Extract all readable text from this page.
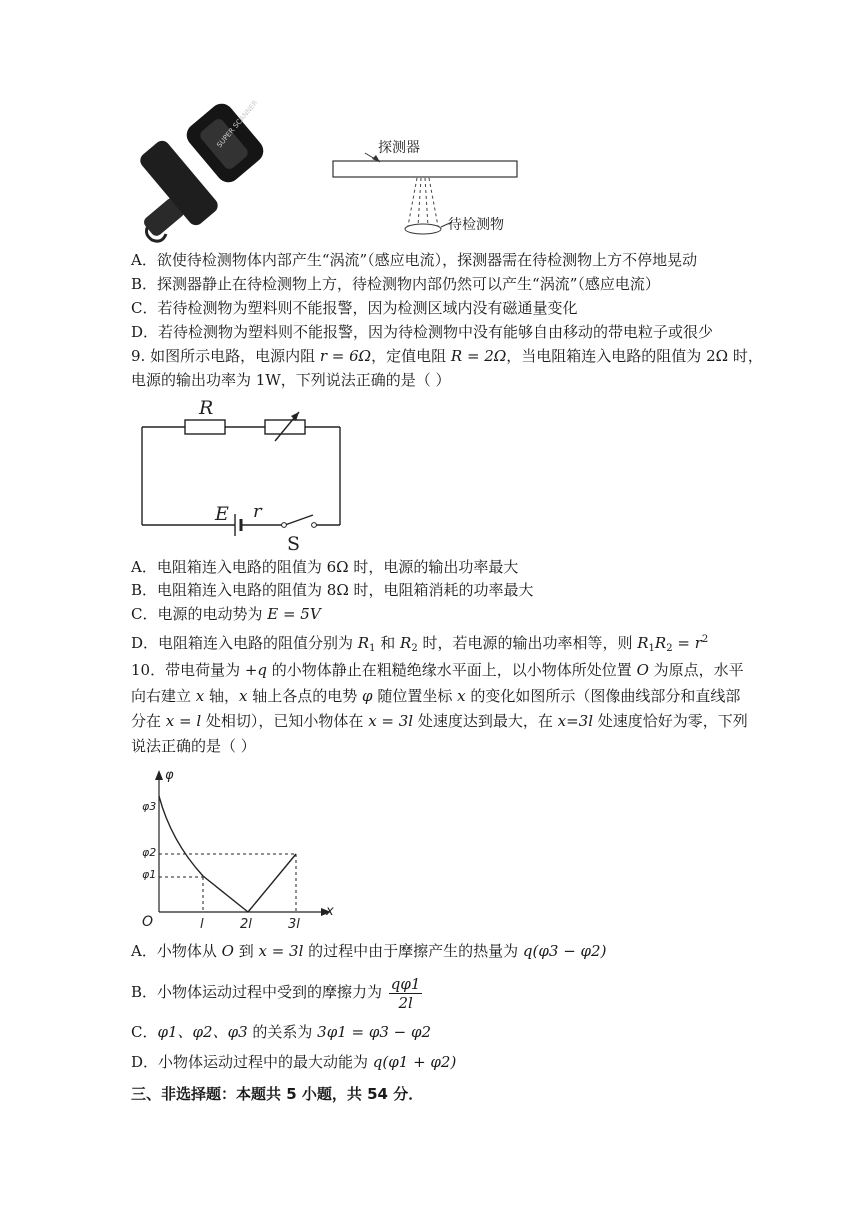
SUPER SCANNER	探测器
待检测物
A．欲使待检测物体内部产生“涡流”（感应电流），探测器需在待检测物上方不停地晃动
B．探测器静止在待检测物上方，待检测物内部仍然可以产生“涡流”（感应电流）
C．若待检测物为塑料则不能报警，因为检测区域内没有磁通量变化
D．若待检测物为塑料则不能报警，因为待检测物中没有能够自由移动的带电粒子或很少
9. 如图所示电路，电源内阻 r = 6Ω，定值电阻 R = 2Ω，当电阻箱连入电路的阻值为 2Ω 时，
电源的输出功率为 1W，下列说法正确的是（ ）
R
E r
S
A．电阻箱连入电路的阻值为 6Ω 时，电源的输出功率最大
B．电阻箱连入电路的阻值为 8Ω 时，电阻箱消耗的功率最大
C．电源的电动势为 E = 5V
D．电阻箱连入电路的阻值分别为 $R_1$ 和 $R_2$ 时，若电源的输出功率相等，则 $R_1R_2 = r^2$
10．带电荷量为 +q 的小物体静止在粗糙绝缘水平面上，以小物体所处位置 O 为原点，水平
向右建立 x 轴，x 轴上各点的电势 φ 随位置坐标 x 的变化如图所示（图像曲线部分和直线部
分在 x = l 处相切），已知小物体在 x = 3l 处速度达到最大，在 x=3l 处速度恰好为零，下列
说法正确的是（ ）
φ
x
O
φ3
φ2
φ1
l	2l	3l
A．小物体从 O 到 x = 3l 的过程中由于摩擦产生的热量为 q(φ3 − φ2)
B．小物体运动过程中受到的摩擦力为 $\frac{q\varphi 1}{2l}$
C．φ1、φ2、φ3 的关系为 3φ1 = φ3 − φ2
D．小物体运动过程中的最大动能为 q(φ1 + φ2)
三、非选择题：本题共 5 小题，共 54 分．
